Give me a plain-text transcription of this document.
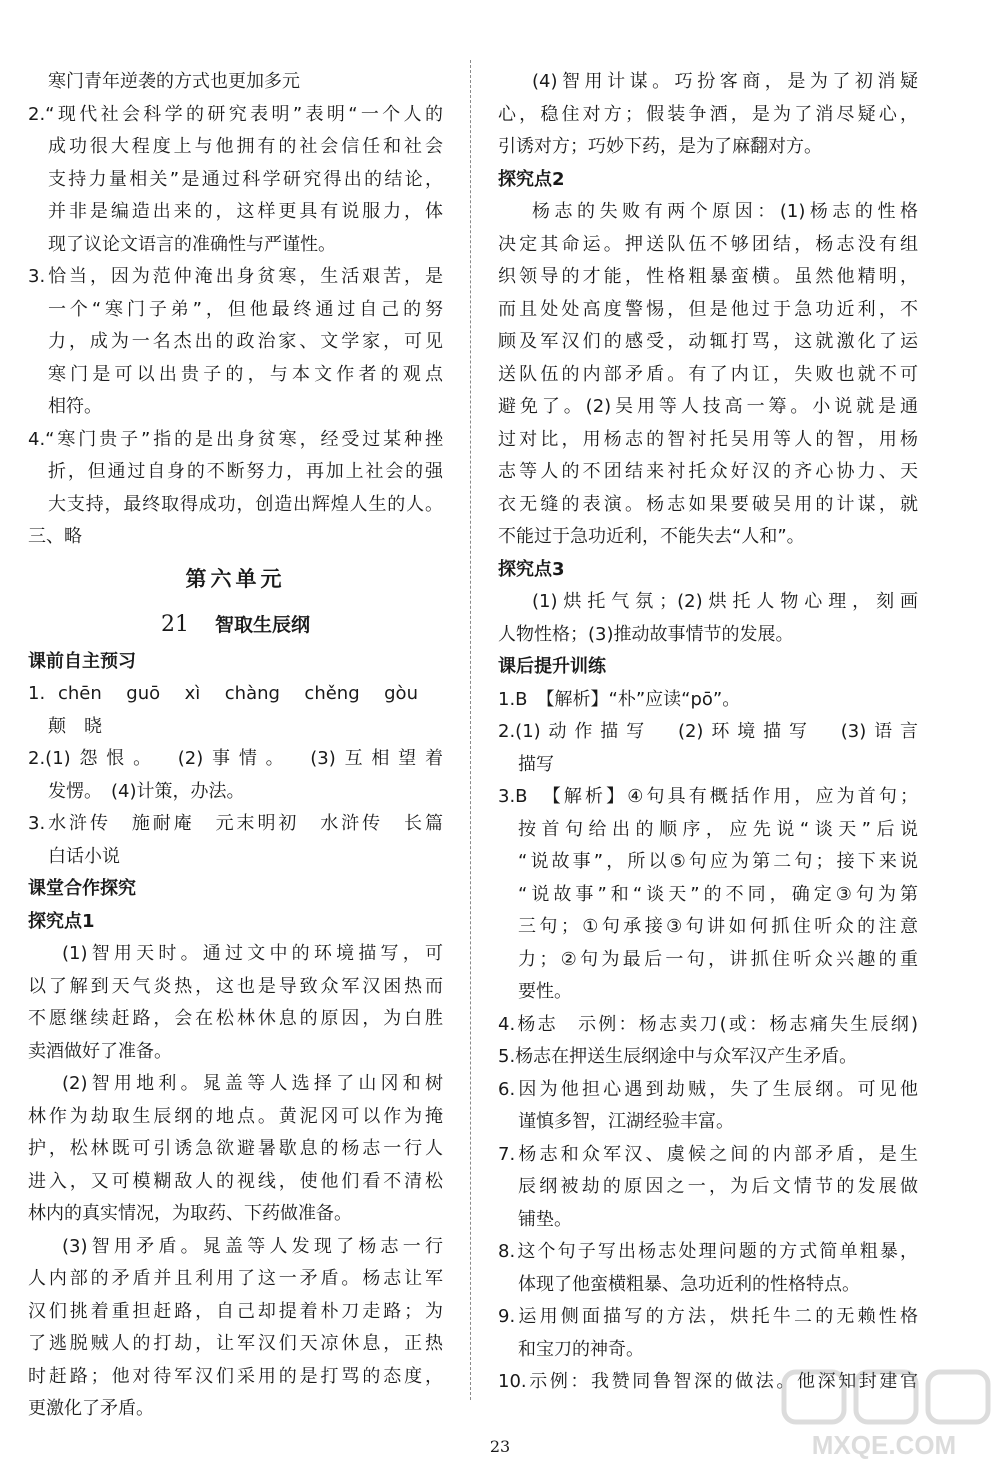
寒门青年逆袭的方式也更加多元
2.“现代社会科学的研究表明”表明“一个人的
成功很大程度上与他拥有的社会信任和社会
支持力量相关”是通过科学研究得出的结论，
并非是编造出来的，这样更具有说服力，体
现了议论文语言的准确性与严谨性。
3.恰当，因为范仲淹出身贫寒，生活艰苦，是
一个“寒门子弟”，但他最终通过自己的努
力，成为一名杰出的政治家、文学家，可见
寒门是可以出贵子的，与本文作者的观点
相符。
4.“寒门贵子”指的是出身贫寒，经受过某种挫
折，但通过自身的不断努力，再加上社会的强
大支持，最终取得成功，创造出辉煌人生的人。
三、略
第六单元
21 智取生辰纲
课前自主预习
1. chēn guō xì chàng chěng gòu
颠　晓
2.(1)怨恨。　(2)事情。　(3)互相望着
发愣。　(4)计策，办法。
3.水浒传　施耐庵　元末明初　水浒传　长篇
白话小说
课堂合作探究
探究点1
(1)智用天时。通过文中的环境描写，可
以了解到天气炎热，这也是导致众军汉困热而
不愿继续赶路，会在松林休息的原因，为白胜
卖酒做好了准备。
(2)智用地利。晁盖等人选择了山冈和树
林作为劫取生辰纲的地点。黄泥冈可以作为掩
护，松林既可引诱急欲避暑歇息的杨志一行人
进入，又可模糊敌人的视线，使他们看不清松
林内的真实情况，为取药、下药做准备。
(3)智用矛盾。晁盖等人发现了杨志一行
人内部的矛盾并且利用了这一矛盾。杨志让军
汉们挑着重担赶路，自己却提着朴刀走路；为
了逃脱贼人的打劫，让军汉们天凉休息，正热
时赶路；他对待军汉们采用的是打骂的态度，
更激化了矛盾。
(4)智用计谋。巧扮客商，是为了初消疑
心，稳住对方；假装争酒，是为了消尽疑心，
引诱对方；巧妙下药，是为了麻翻对方。
探究点2
杨志的失败有两个原因：(1)杨志的性格
决定其命运。押送队伍不够团结，杨志没有组
织领导的才能，性格粗暴蛮横。虽然他精明，
而且处处高度警惕，但是他过于急功近利，不
顾及军汉们的感受，动辄打骂，这就激化了运
送队伍的内部矛盾。有了内讧，失败也就不可
避免了。(2)吴用等人技高一筹。小说就是通
过对比，用杨志的智衬托吴用等人的智，用杨
志等人的不团结来衬托众好汉的齐心协力、天
衣无缝的表演。杨志如果要破吴用的计谋，就
不能过于急功近利，不能失去“人和”。
探究点3
(1)烘托气氛；(2)烘托人物心理，刻画
人物性格；(3)推动故事情节的发展。
课后提升训练
1.B　【解析】“朴”应读“pō”。
2.(1)动作描写　(2)环境描写　(3)语言
描写
3.B　【解析】④句具有概括作用，应为首句；
按首句给出的顺序，应先说“谈天”后说
“说故事”，所以⑤句应为第二句；接下来说
“说故事”和“谈天”的不同，确定③句为第
三句；①句承接③句讲如何抓住听众的注意
力；②句为最后一句，讲抓住听众兴趣的重
要性。
4.杨志　示例：杨志卖刀(或：杨志痛失生辰纲)
5.杨志在押送生辰纲途中与众军汉产生矛盾。
6.因为他担心遇到劫贼，失了生辰纲。可见他
谨慎多智，江湖经验丰富。
7.杨志和众军汉、虞候之间的内部矛盾，是生
辰纲被劫的原因之一，为后文情节的发展做
铺垫。
8.这个句子写出杨志处理问题的方式简单粗暴，
体现了他蛮横粗暴、急功近利的性格特点。
9.运用侧面描写的方法，烘托牛二的无赖性格
和宝刀的神奇。
10.示例：我赞同鲁智深的做法。他深知封建官
23	MXQE.COM
